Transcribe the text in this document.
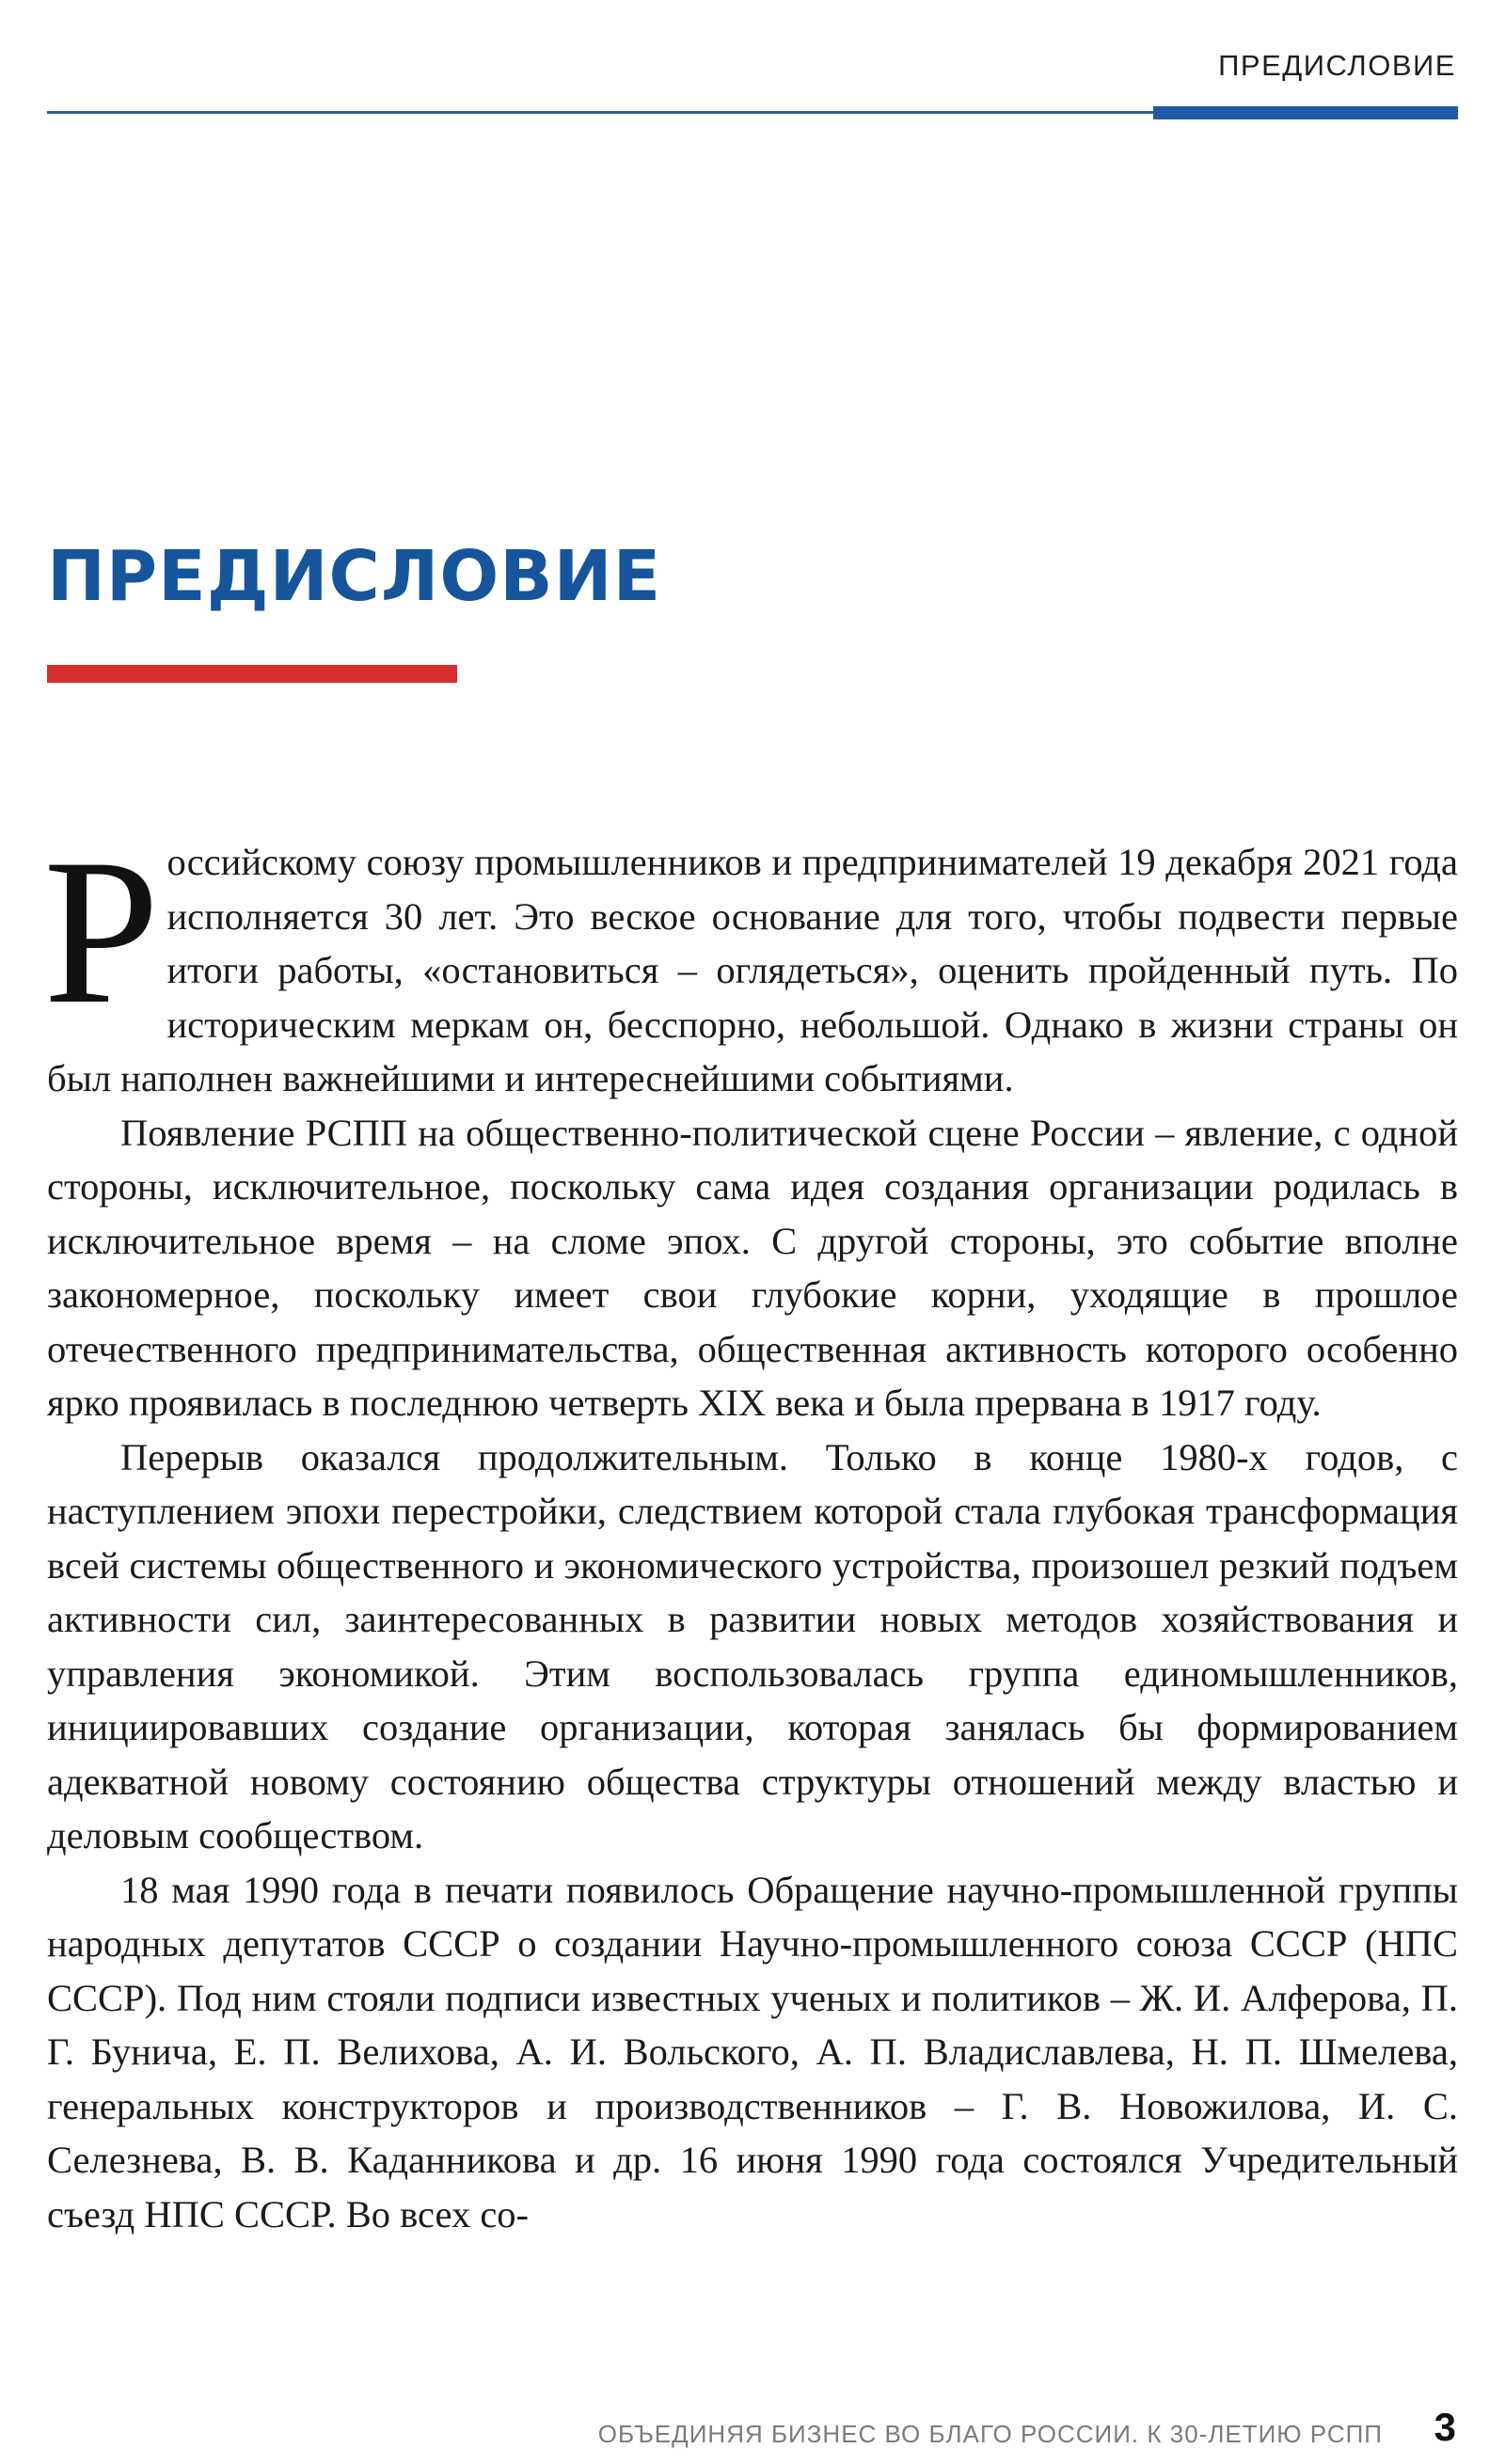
ПРЕДИСЛОВИЕ
ПРЕДИСЛОВИЕ

Российскому союзу промышленников и предпринимателей 19 декабря 2021 года исполняется 30 лет. Это веское основание для того, чтобы подвести первые итоги работы, «остановиться – оглядеться», оценить пройденный путь. По историческим меркам он, бесспорно, небольшой. Однако в жизни страны он был наполнен важнейшими и интереснейшими событиями.

Появление РСПП на общественно-политической сцене России – явление, с одной стороны, исключительное, поскольку сама идея создания организации родилась в исключительное время – на сломе эпох. С другой стороны, это событие вполне закономерное, поскольку имеет свои глубокие корни, уходящие в прошлое отечественного предпринимательства, общественная активность которого особенно ярко проявилась в последнюю четверть XIX века и была прервана в 1917 году.

Перерыв оказался продолжительным. Только в конце 1980-х годов, с наступлением эпохи перестройки, следствием которой стала глубокая трансформация всей системы общественного и экономического устройства, произошел резкий подъем активности сил, заинтересованных в развитии новых методов хозяйствования и управления экономикой. Этим воспользовалась группа единомышленников, инициировавших создание организации, которая занялась бы формированием адекватной новому состоянию общества структуры отношений между властью и деловым сообществом.

18 мая 1990 года в печати появилось Обращение научно-промышленной группы народных депутатов СССР о создании Научно-промышленного союза СССР (НПС СССР). Под ним стояли подписи известных ученых и политиков – Ж. И. Алферова, П. Г. Бунича, Е. П. Велихова, А. И. Вольского, А. П. Владиславлева, Н. П. Шмелева, генеральных конструкторов и производственников – Г. В. Новожилова, И. С. Селезнева, В. В. Каданникова и др. 16 июня 1990 года состоялся Учредительный съезд НПС СССР. Во всех со-

ОБЪЕДИНЯЯ БИЗНЕС ВО БЛАГО РОССИИ. К 30-ЛЕТИЮ РСПП 3
